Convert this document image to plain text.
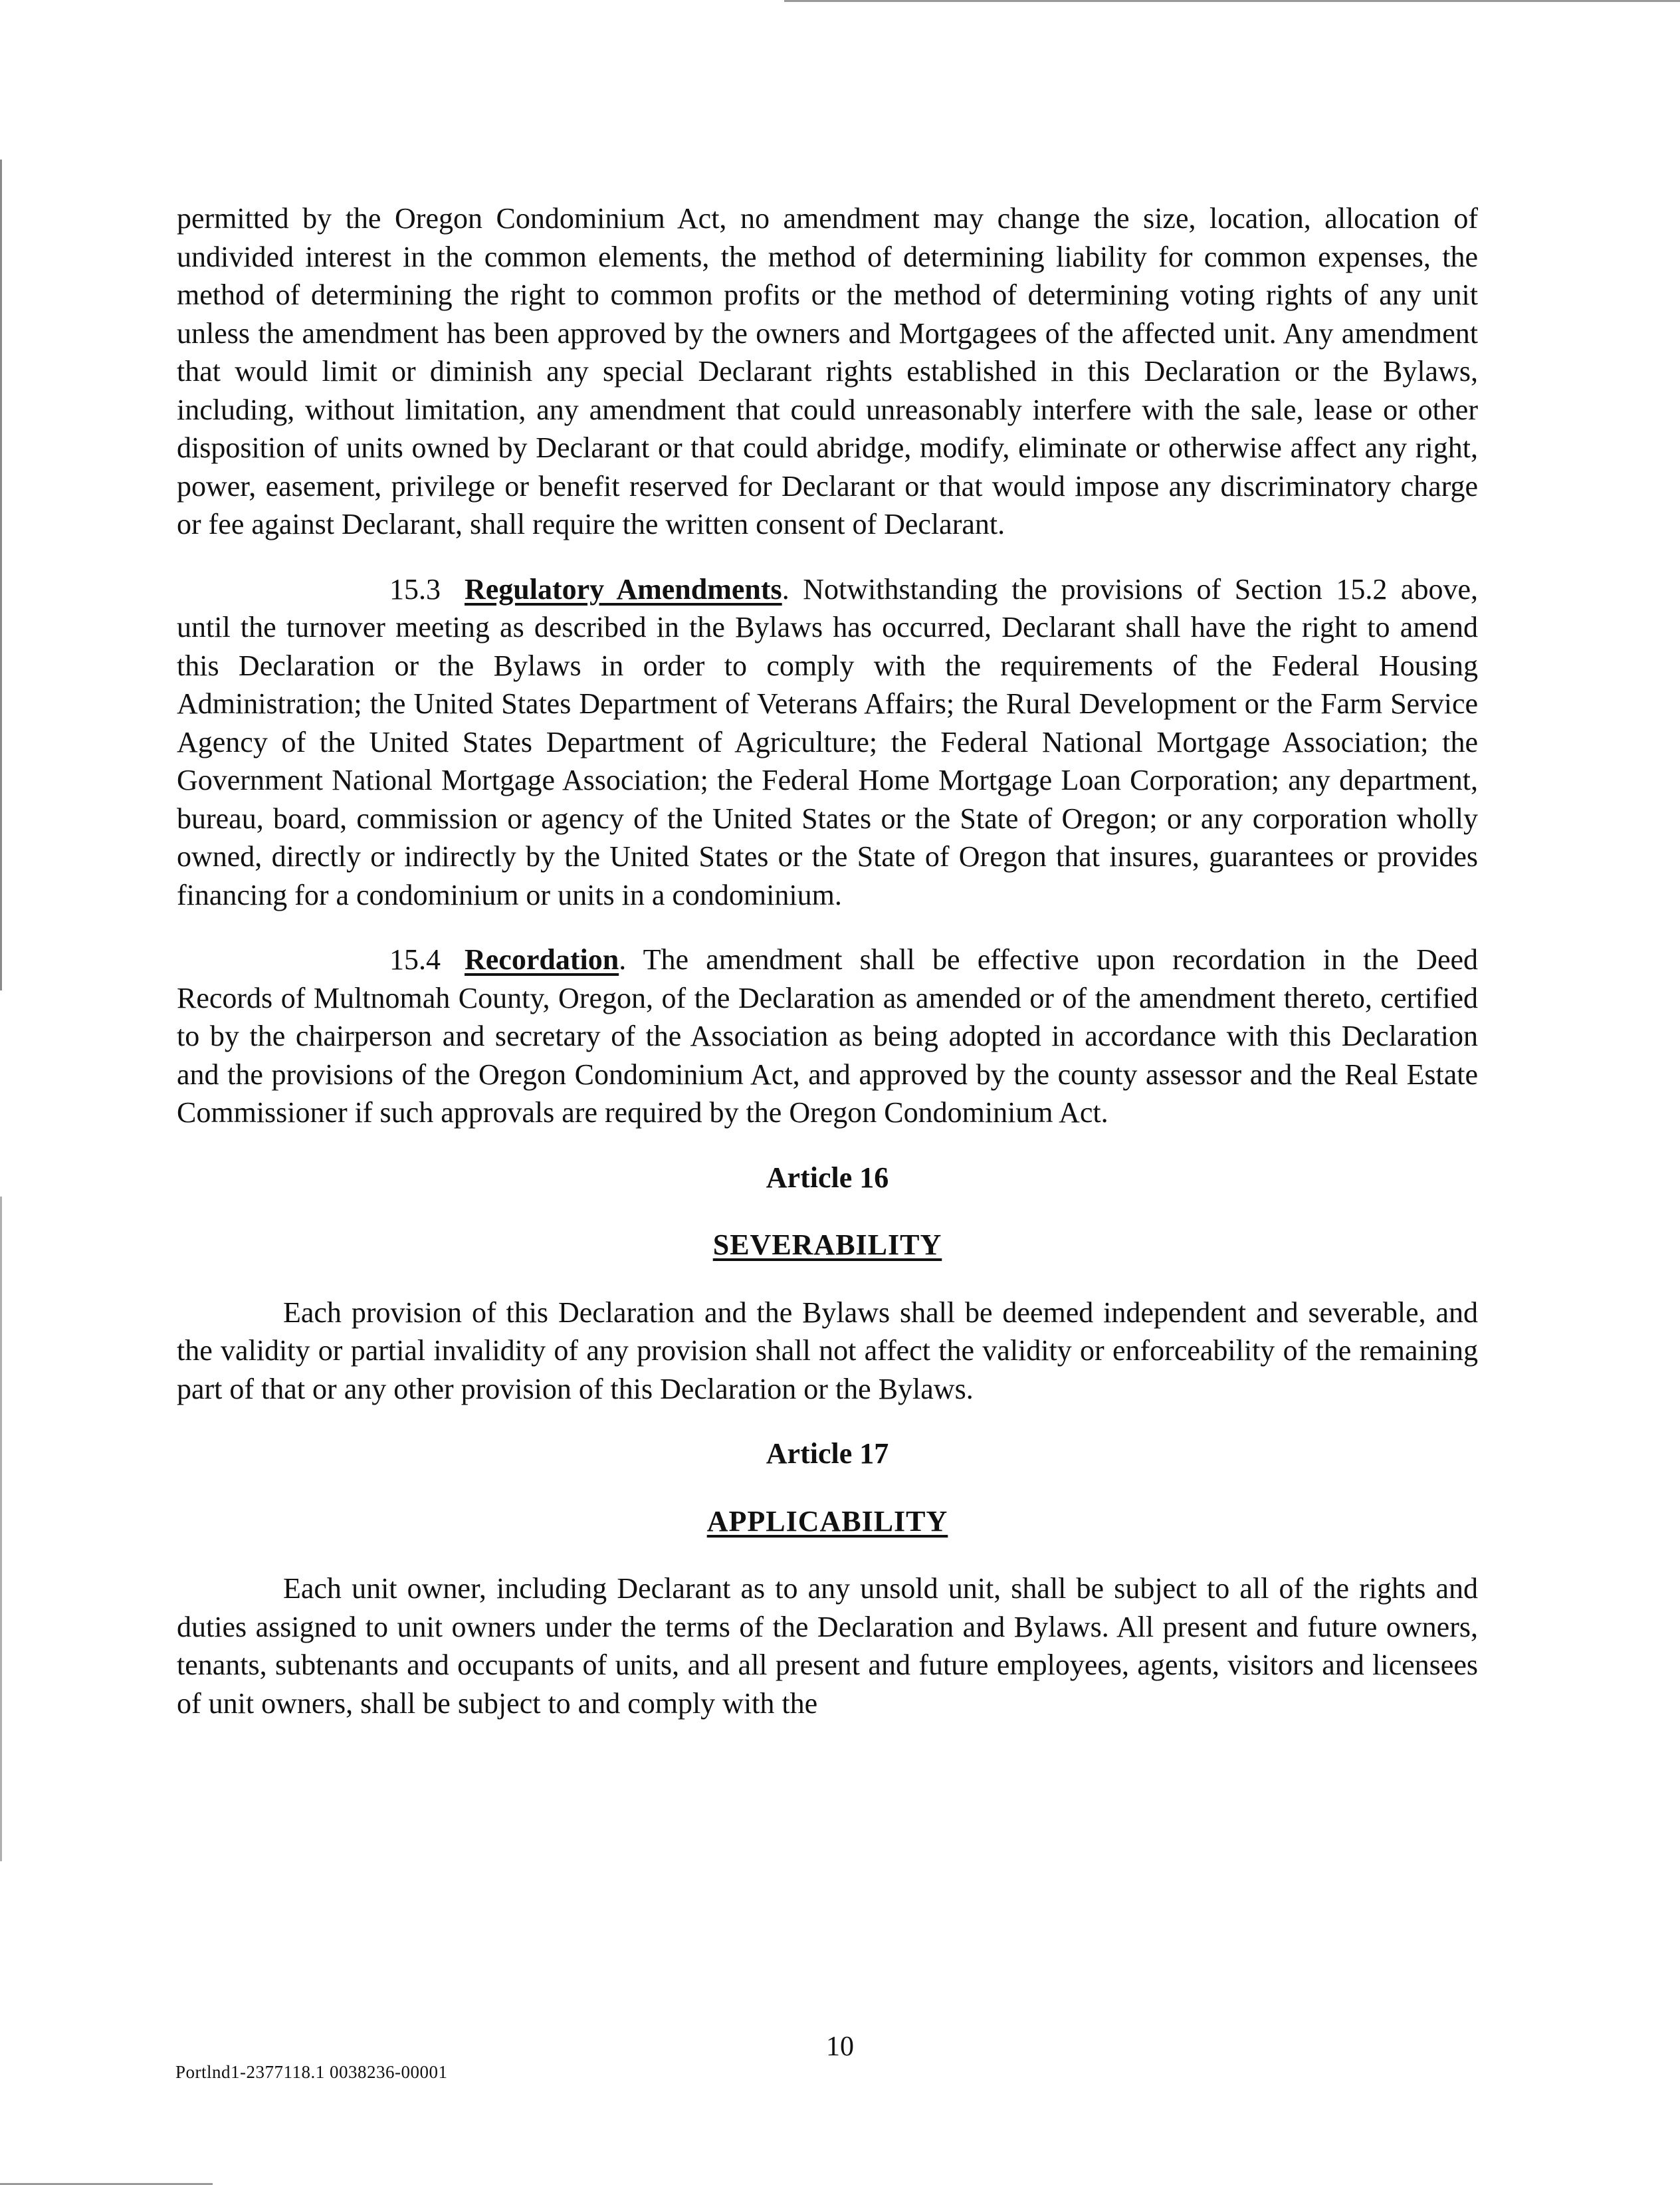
permitted by the Oregon Condominium Act, no amendment may change the size, location, allocation of undivided interest in the common elements, the method of determining liability for common expenses, the method of determining the right to common profits or the method of determining voting rights of any unit unless the amendment has been approved by the owners and Mortgagees of the affected unit. Any amendment that would limit or diminish any special Declarant rights established in this Declaration or the Bylaws, including, without limitation, any amendment that could unreasonably interfere with the sale, lease or other disposition of units owned by Declarant or that could abridge, modify, eliminate or otherwise affect any right, power, easement, privilege or benefit reserved for Declarant or that would impose any discriminatory charge or fee against Declarant, shall require the written consent of Declarant.

15.3 Regulatory Amendments. Notwithstanding the provisions of Section 15.2 above, until the turnover meeting as described in the Bylaws has occurred, Declarant shall have the right to amend this Declaration or the Bylaws in order to comply with the requirements of the Federal Housing Administration; the United States Department of Veterans Affairs; the Rural Development or the Farm Service Agency of the United States Department of Agriculture; the Federal National Mortgage Association; the Government National Mortgage Association; the Federal Home Mortgage Loan Corporation; any department, bureau, board, commission or agency of the United States or the State of Oregon; or any corporation wholly owned, directly or indirectly by the United States or the State of Oregon that insures, guarantees or provides financing for a condominium or units in a condominium.

15.4 Recordation. The amendment shall be effective upon recordation in the Deed Records of Multnomah County, Oregon, of the Declaration as amended or of the amendment thereto, certified to by the chairperson and secretary of the Association as being adopted in accordance with this Declaration and the provisions of the Oregon Condominium Act, and approved by the county assessor and the Real Estate Commissioner if such approvals are required by the Oregon Condominium Act.

Article 16
SEVERABILITY

Each provision of this Declaration and the Bylaws shall be deemed independent and severable, and the validity or partial invalidity of any provision shall not affect the validity or enforceability of the remaining part of that or any other provision of this Declaration or the Bylaws.

Article 17
APPLICABILITY

Each unit owner, including Declarant as to any unsold unit, shall be subject to all of the rights and duties assigned to unit owners under the terms of the Declaration and Bylaws. All present and future owners, tenants, subtenants and occupants of units, and all present and future employees, agents, visitors and licensees of unit owners, shall be subject to and comply with the

10
Portlnd1-2377118.1 0038236-00001
